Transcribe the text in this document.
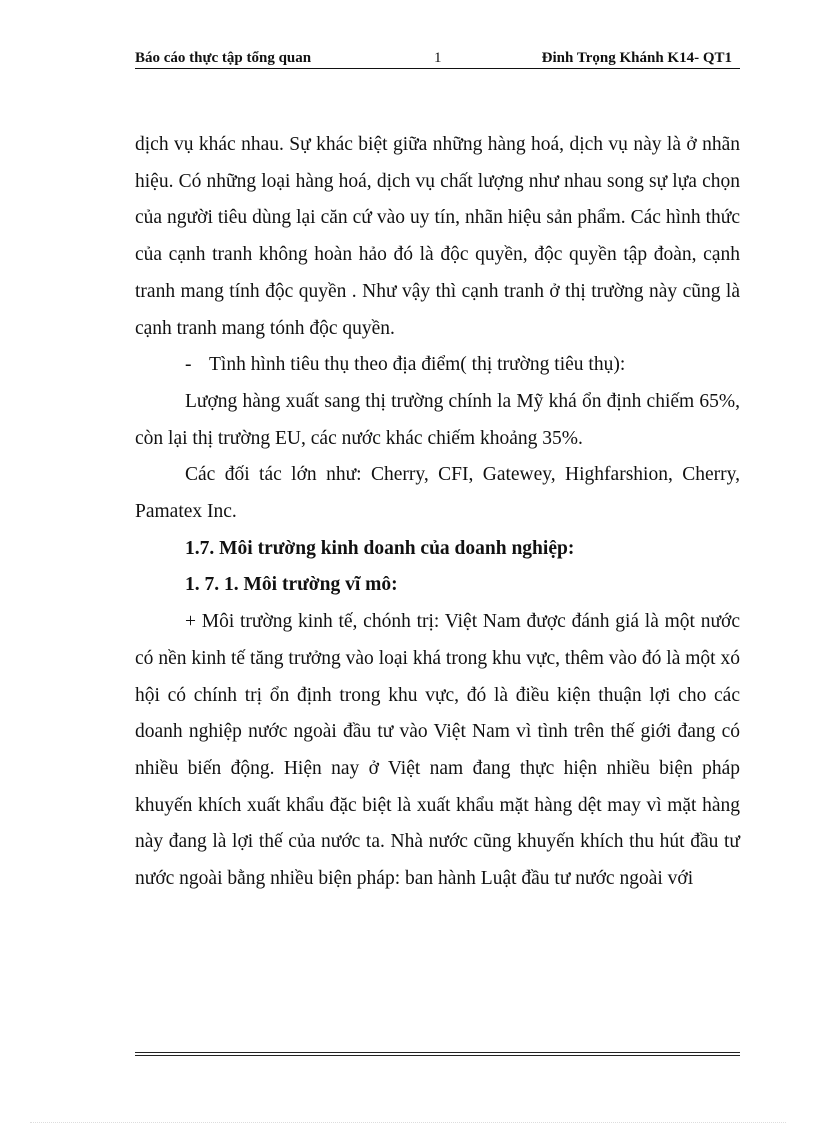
Báo cáo thực tập tổng quan	1	Đinh Trọng Khánh K14- QT1

dịch vụ khác nhau. Sự khác biệt giữa những hàng hoá, dịch vụ này là ở nhãn hiệu. Có những loại hàng hoá, dịch vụ chất lượng như nhau song sự lựa chọn của người tiêu dùng lại căn cứ vào uy tín, nhãn hiệu sản phẩm. Các hình thức của cạnh tranh không hoàn hảo đó là độc quyền, độc quyền tập đoàn, cạnh tranh mang tính độc quyền . Như vậy thì cạnh tranh ở thị trường này cũng là cạnh tranh mang tónh độc quyền.

- Tình hình tiêu thụ theo địa điểm( thị trường tiêu thụ):

Lượng hàng xuất sang thị trường chính la Mỹ khá ổn định chiếm 65%, còn lại thị trường EU, các nước khác chiếm khoảng 35%.

Các đối tác lớn như: Cherry, CFI, Gatewey, Highfarshion, Cherry, Pamatex Inc.

1.7. Môi trường kinh doanh của doanh nghiệp:

1. 7. 1. Môi trường vĩ mô:

+ Môi trường kinh tế, chónh trị: Việt Nam được đánh giá là một nước có nền kinh tế tăng trưởng vào loại khá trong khu vực, thêm vào đó là một xó hội có chính trị ổn định trong khu vực, đó là điều kiện thuận lợi cho các doanh nghiệp nước ngoài đầu tư vào Việt Nam vì tình trên thế giới đang có nhiều biến động. Hiện nay ở Việt nam đang thực hiện nhiều biện pháp khuyến khích xuất khẩu đặc biệt là xuất khẩu mặt hàng dệt may vì mặt hàng này đang là lợi thế của nước ta. Nhà nước cũng khuyến khích thu hút đầu tư nước ngoài bằng nhiều biện pháp: ban hành Luật đầu tư nước ngoài với
